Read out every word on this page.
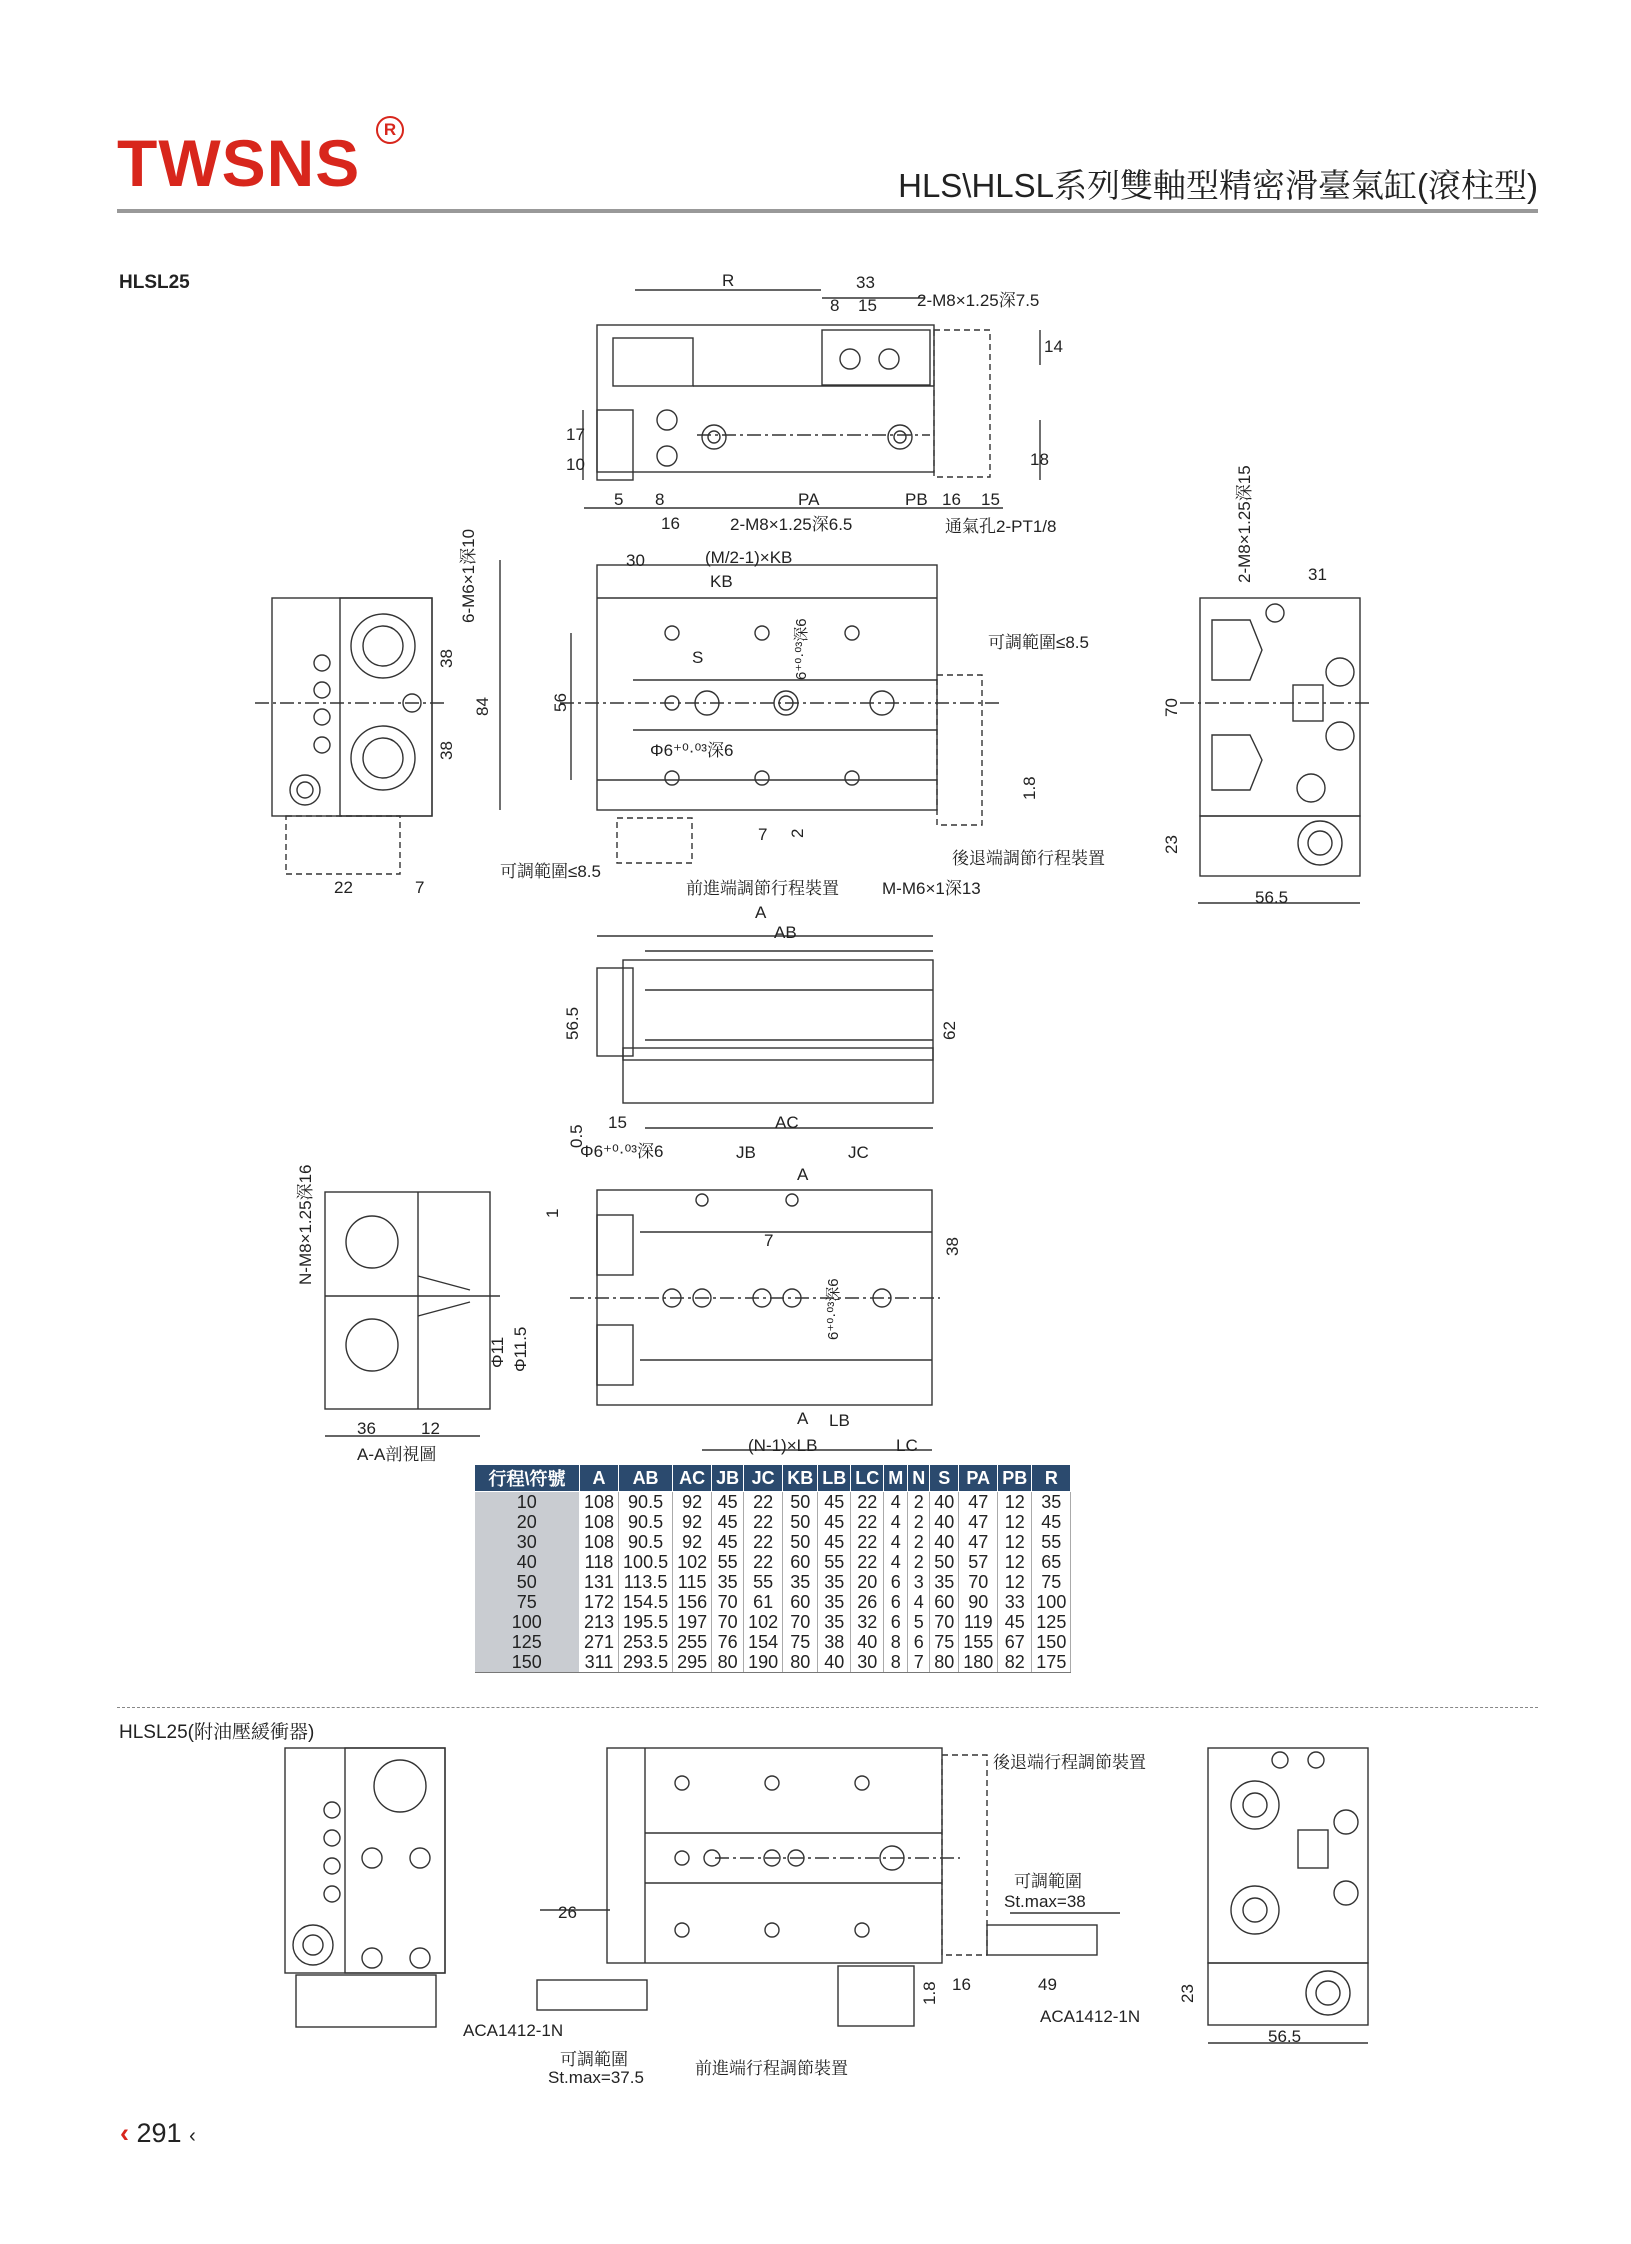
TWSNS	R
HLS\HLSL系列雙軸型精密滑臺氣缸(滾柱型)
HLSL25	R	33
8 15 2-M8×1.25深7.5
14
17
10	18
5 8
16
PA	PB 16 15
2-M8×1.25深6.5	通氣孔2-PT1/8
30	(M/2-1)×KB
KB
S	6⁺⁰·⁰³深6
Φ6⁺⁰·⁰³深6
56
可調範圍≤8.5
1.8
7 2
後退端調節行程裝置
前進端調節行程裝置	M-M6×1深13
可調範圍≤8.5
6-M6×1深10
38
84
38
22	7
2-M8×1.25深15	31
70
23
56.5
A
AB
56.5	62
0.5
15	AC
Φ6⁺⁰·⁰³深6	JB	JC
A
1
7	38
6⁺⁰·⁰³深6
A LB
(N-1)×LB	LC
N-M8×1.25深16
Φ11 Φ11.5
36	12
A-A剖視圖
後退端行程調節裝置
可調範圍
St.max=38
26
1.8 16	49
ACA1412-1N
ACA1412-1N
可調範圍
St.max=37.5	前進端行程調節裝置
23
56.5
行程\符號	A	AB	AC	JB	JC	KB	LB	LC	M	N	S	PA	PB	R
10	108	90.5	92	45	22	50	45	22	4	2	40	47	12	35
20	108	90.5	92	45	22	50	45	22	4	2	40	47	12	45
30	108	90.5	92	45	22	50	45	22	4	2	40	47	12	55
40	118	100.5	102	55	22	60	55	22	4	2	50	57	12	65
50	131	113.5	115	35	55	35	35	20	6	3	35	70	12	75
75	172	154.5	156	70	61	60	35	26	6	4	60	90	33	100
100	213	195.5	197	70	102	70	35	32	6	5	70	119	45	125
125	271	253.5	255	76	154	75	38	40	8	6	75	155	67	150
150	311	293.5	295	80	190	80	40	30	8	7	80	180	82	175
HLSL25(附油壓緩衝器)
‹ 291 ‹
